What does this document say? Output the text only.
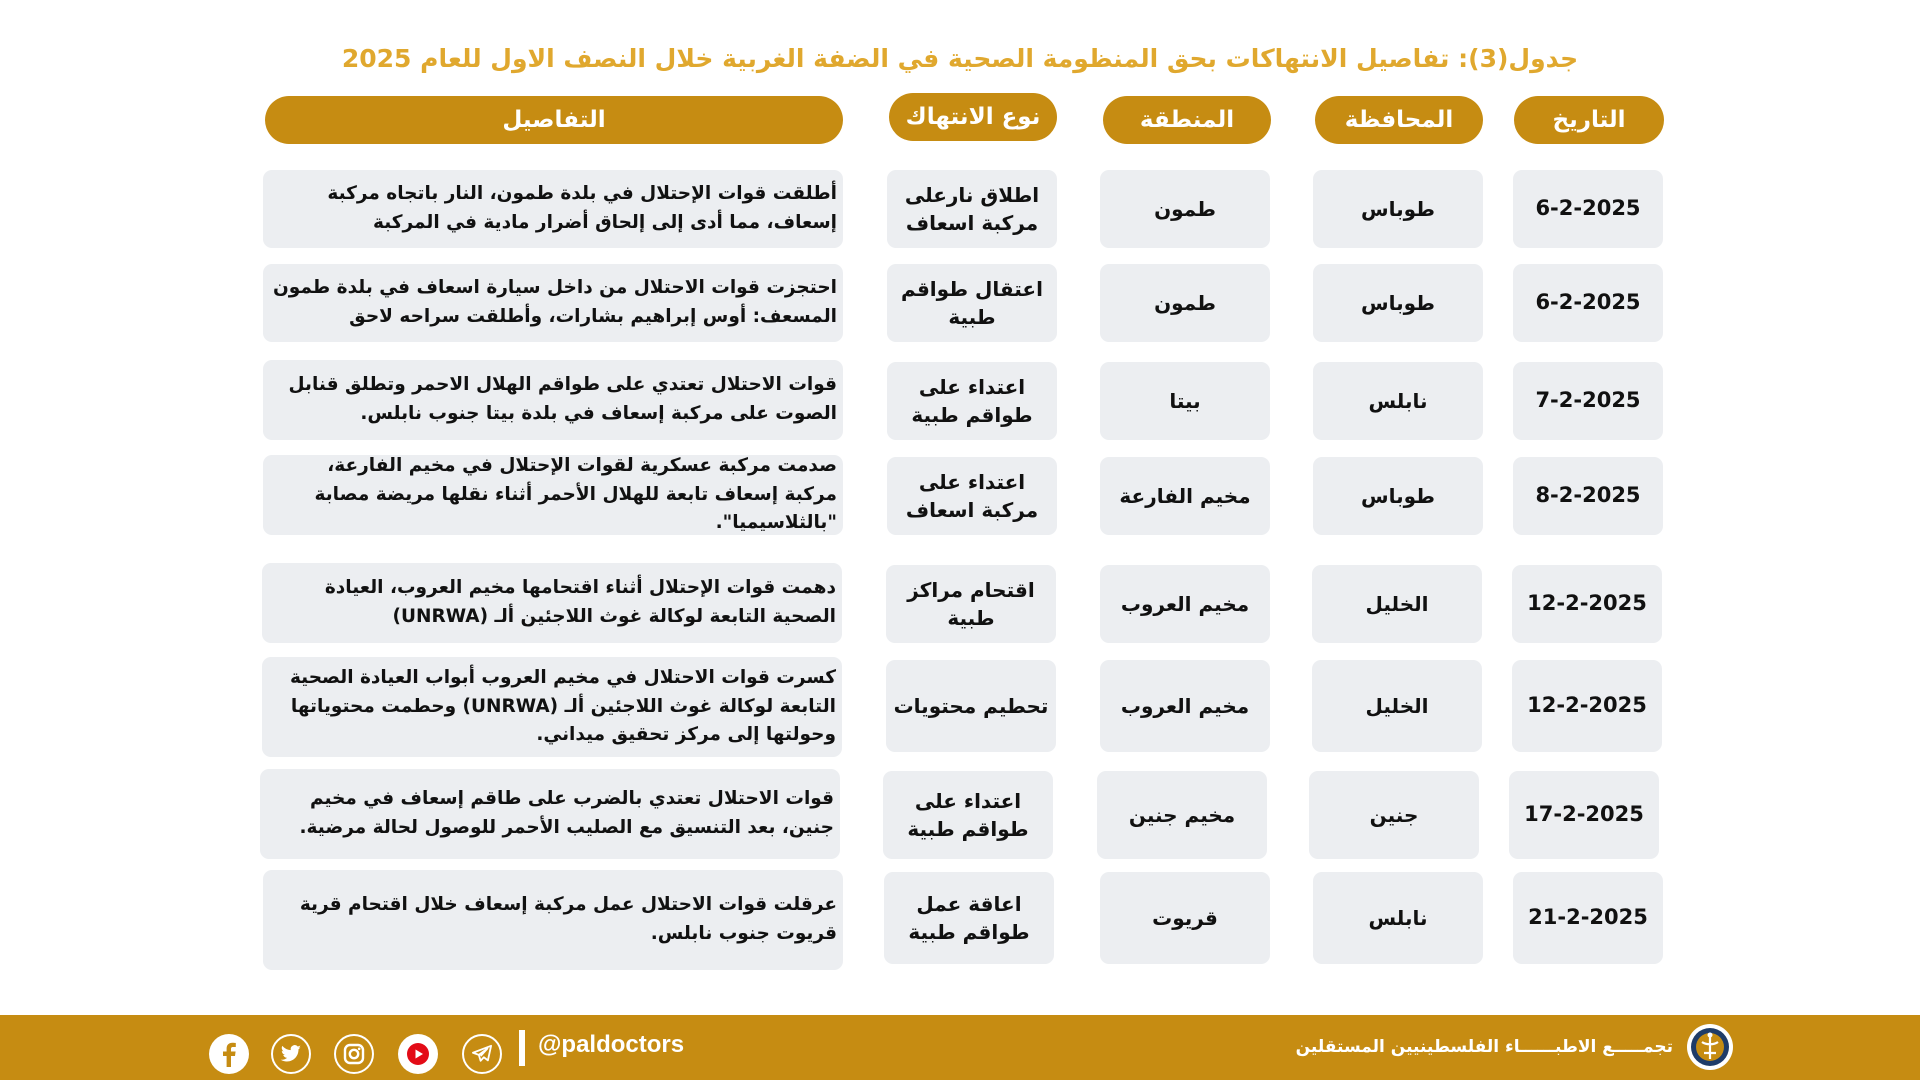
جدول(3): تفاصيل الانتهاكات بحق المنظومة الصحية في الضفة الغربية خلال النصف الاول للعام 2025
التاريخ
المحافظة
المنطقة
نوع الانتهاك
التفاصيل
6-2-2025
طوباس
طمون
اطلاق نارعلى مركبة اسعاف
أطلقت قوات الإحتلال في بلدة طمون، النار باتجاه مركبة إسعاف، مما أدى إلى إلحاق أضرار مادية في المركبة
6-2-2025
طوباس
طمون
اعتقال طواقم طبية
احتجزت قوات الاحتلال من داخل سيارة اسعاف في بلدة طمون المسعف: أوس إبراهيم بشارات، وأطلقت سراحه لاحق
7-2-2025
نابلس
بيتا
اعتداء على طواقم طبية
قوات الاحتلال تعتدي على طواقم الهلال الاحمر وتطلق قنابل الصوت على مركبة إسعاف في بلدة بيتا جنوب نابلس.
8-2-2025
طوباس
مخيم الفارعة
اعتداء على مركبة اسعاف
صدمت مركبة عسكرية لقوات الإحتلال في مخيم الفارعة، مركبة إسعاف تابعة للهلال الأحمر أثناء نقلها مريضة مصابة "بالثلاسيميا".
12-2-2025
الخليل
مخيم العروب
اقتحام مراكز طبية
دهمت قوات الإحتلال أثناء اقتحامها مخيم العروب، العيادة الصحية التابعة لوكالة غوث اللاجئين ألـ (UNRWA)
12-2-2025
الخليل
مخيم العروب
تحطيم محتويات
كسرت قوات الاحتلال في مخيم العروب أبواب العيادة الصحية التابعة لوكالة غوث اللاجئين ألـ (UNRWA) وحطمت محتوياتها وحولتها إلى مركز تحقيق ميداني.
17-2-2025
جنين
مخيم جنين
اعتداء على طواقم طبية
قوات الاحتلال تعتدي بالضرب على طاقم إسعاف في مخيم جنين، بعد التنسيق مع الصليب الأحمر للوصول لحالة مرضية.
21-2-2025
نابلس
قريوت
اعاقة عمل طواقم طبية
عرقلت قوات الاحتلال عمل مركبة إسعاف خلال اقتحام قرية قريوت جنوب نابلس.
@paldoctors	تجمـــــع الاطبــــــاء الفلسطينيين المستقلين
